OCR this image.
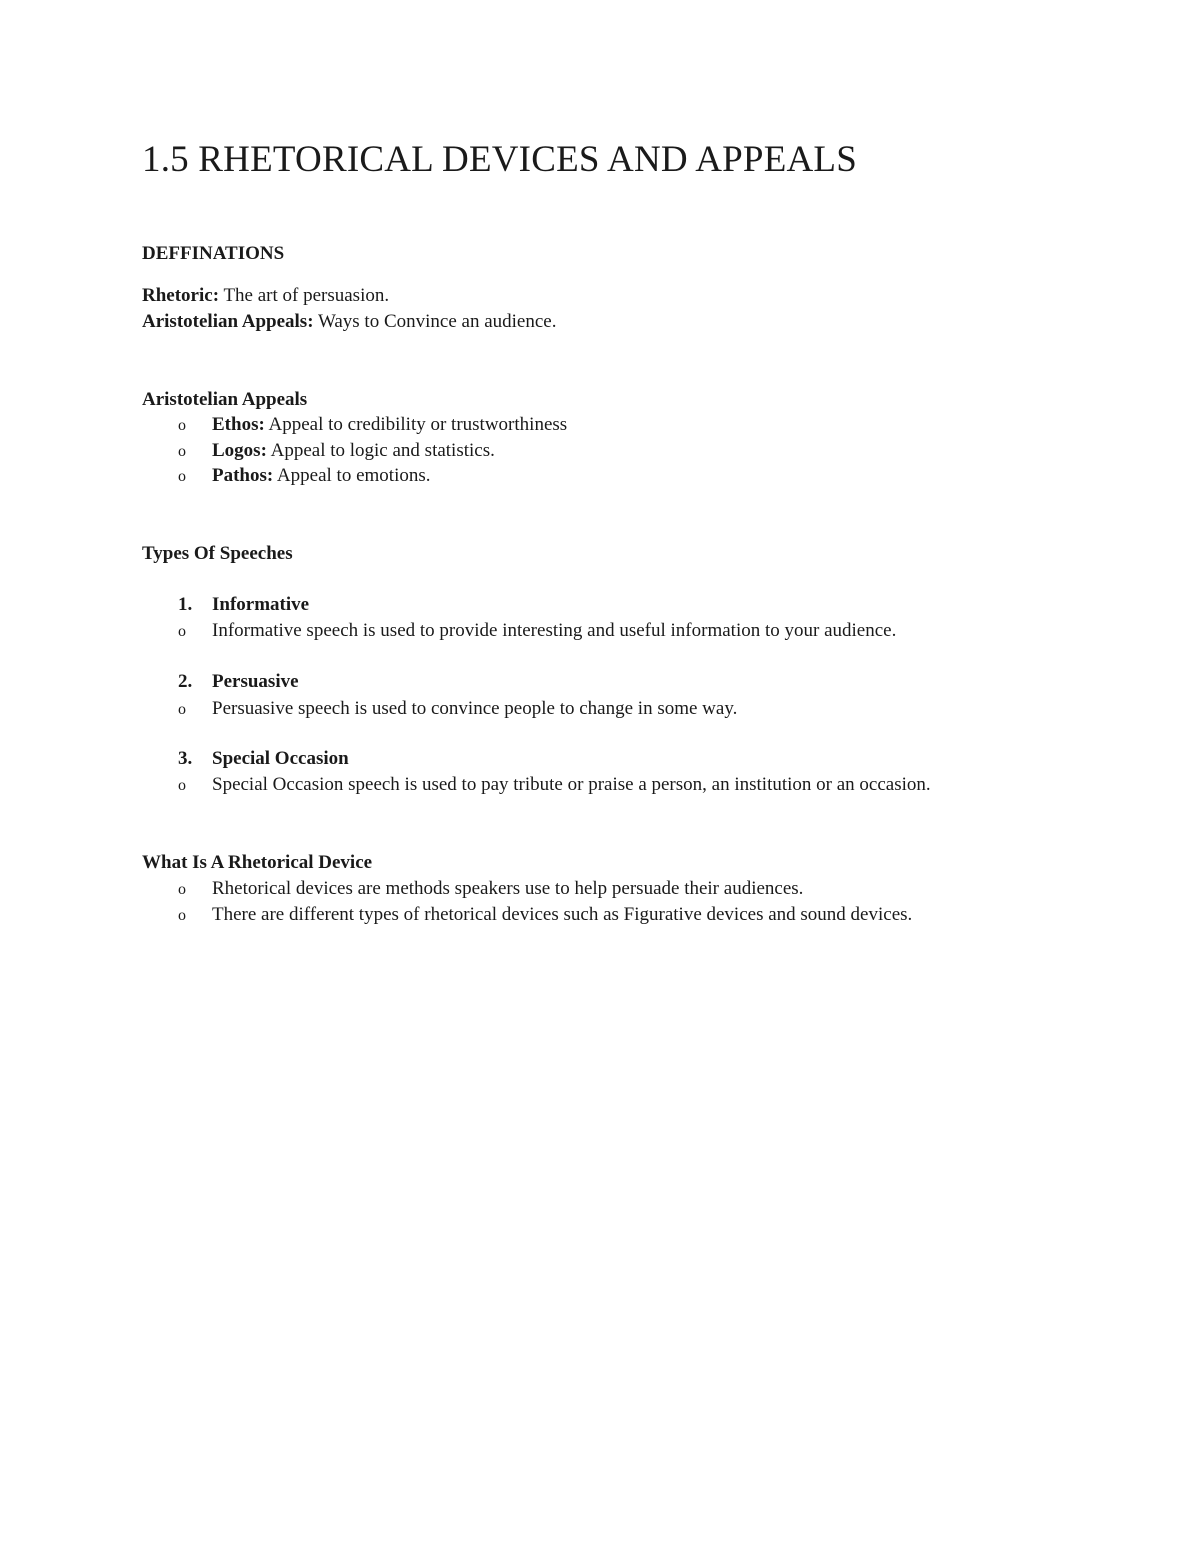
1.5 RHETORICAL DEVICES AND APPEALS
DEFFINATIONS
Rhetoric: The art of persuasion.
Aristotelian Appeals: Ways to Convince an audience.
Aristotelian Appeals
o Ethos: Appeal to credibility or trustworthiness
o Logos: Appeal to logic and statistics.
o Pathos: Appeal to emotions.
Types Of Speeches
1. Informative
o Informative speech is used to provide interesting and useful information to your audience.
2. Persuasive
o Persuasive speech is used to convince people to change in some way.
3. Special Occasion
o Special Occasion speech is used to pay tribute or praise a person, an institution or an occasion.
What Is A Rhetorical Device
o Rhetorical devices are methods speakers use to help persuade their audiences.
o There are different types of rhetorical devices such as Figurative devices and sound devices.
